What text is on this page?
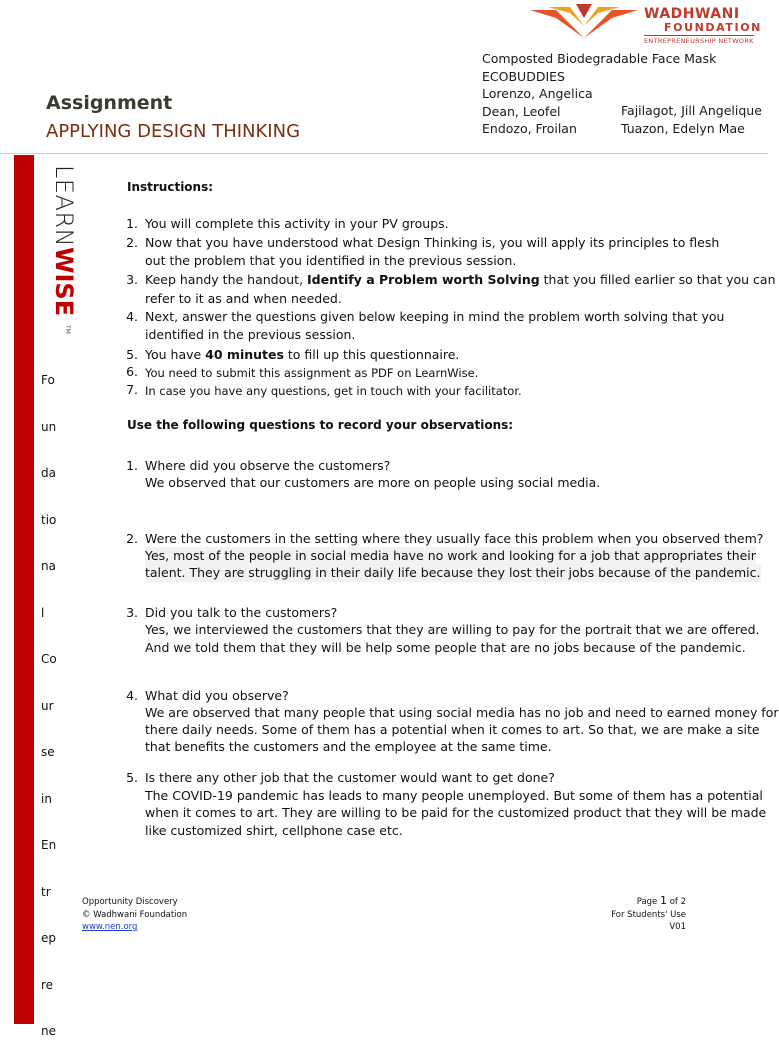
WADHWANI
FOUNDATION
ENTREPRENEURSHIP NETWORK
Assignment
APPLYING DESIGN THINKING
Composted Biodegradable Face Mask
ECOBUDDIES
Lorenzo, Angelica
Dean, Leofel
Endozo, Froilan
Fajilagot, Jill Angelique
Tuazon, Edelyn Mae
LEARN
WISE
TM

Fo

un

da

tio

na

l

Co

ur

se

in

En

tr

ep

re

ne

Instructions:
1. You will complete this activity in your PV groups.
2. Now that you have understood what Design Thinking is, you will apply its principles to flesh
out the problem that you identified in the previous session.
3. Keep handy the handout, Identify a Problem worth Solving that you filled earlier so that you can
refer to it as and when needed.
4. Next, answer the questions given below keeping in mind the problem worth solving that you
identified in the previous session.
5. You have 40 minutes to fill up this questionnaire.
6. You need to submit this assignment as PDF on LearnWise.
7. In case you have any questions, get in touch with your facilitator.
Use the following questions to record your observations:
1. Where did you observe the customers?
We observed that our customers are more on people using social media.
2. Were the customers in the setting where they usually face this problem when you observed them?
Yes, most of the people in social media have no work and looking for a job that appropriates their
talent. They are struggling in their daily life because they lost their jobs because of the pandemic.
3. Did you talk to the customers?
Yes, we interviewed the customers that they are willing to pay for the portrait that we are offered.
And we told them that they will be help some people that are no jobs because of the pandemic.
4. What did you observe?
We are observed that many people that using social media has no job and need to earned money for
there daily needs. Some of them has a potential when it comes to art. So that, we are make a site
that benefits the customers and the employee at the same time.
5. Is there any other job that the customer would want to get done?
The COVID-19 pandemic has leads to many people unemployed. But some of them has a potential
when it comes to art. They are willing to be paid for the customized product that they will be made
like customized shirt, cellphone case etc.
Opportunity Discovery
© Wadhwani Foundation
www.nen.org
Page 1 of 2
For Students' Use
V01
